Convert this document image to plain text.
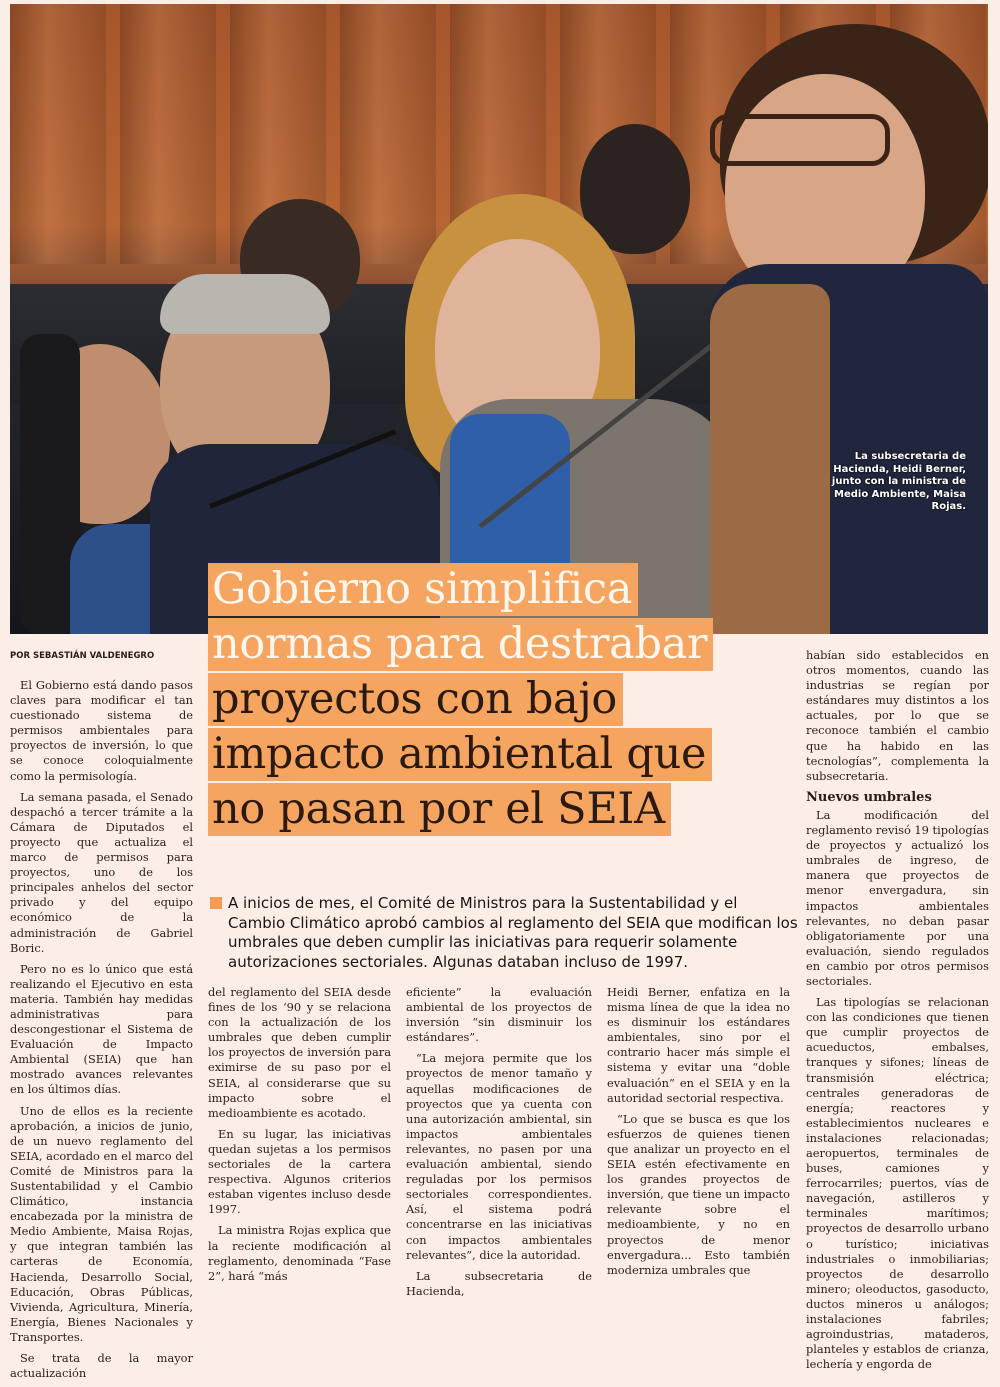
La subsecretaria de Hacienda, Heidi Berner, junto con la ministra de Medio Ambiente, Maisa Rojas.
Gobierno simplifica
normas para destrabar
proyectos con bajo
impacto ambiental que
no pasan por el SEIA
POR SEBASTIÁN VALDENEGRO
A inicios de mes, el Comité de Ministros para la Sustentabilidad y el Cambio Climático aprobó cambios al reglamento del SEIA que modifican los umbrales que deben cumplir las iniciativas para requerir solamente autorizaciones sectoriales. Algunas databan incluso de 1997.

El Gobierno está dando pasos claves para modificar el tan cuestionado sistema de permisos ambientales para proyectos de inversión, lo que se conoce coloquialmente como la permisología.

La semana pasada, el Senado despachó a tercer trámite a la Cámara de Diputados el proyecto que actualiza el marco de permisos para proyectos, uno de los principales anhelos del sector privado y del equipo económico de la administración de Gabriel Boric.

Pero no es lo único que está realizando el Ejecutivo en esta materia. También hay medidas administrativas para descongestionar el Sistema de Evaluación de Impacto Ambiental (SEIA) que han mostrado avances relevantes en los últimos días.

Uno de ellos es la reciente aprobación, a inicios de junio, de un nuevo reglamento del SEIA, acordado en el marco del Comité de Ministros para la Sustentabilidad y el Cambio Climático, instancia encabezada por la ministra de Medio Ambiente, Maisa Rojas, y que integran también las carteras de Economía, Hacienda, Desarrollo Social, Educación, Obras Públicas, Vivienda, Agricultura, Minería, Energía, Bienes Nacionales y Transportes.

Se trata de la mayor actualización

del reglamento del SEIA desde fines de los ‘90 y se relaciona con la actualización de los umbrales que deben cumplir los proyectos de inversión para eximirse de su paso por el SEIA, al considerarse que su impacto sobre el medioambiente es acotado.

En su lugar, las iniciativas quedan sujetas a los permisos sectoriales de la cartera respectiva. Algunos criterios estaban vigentes incluso desde 1997.

La ministra Rojas explica que la reciente modificación al reglamento, denominada “Fase 2”, hará “más

eficiente” la evaluación ambiental de los proyectos de inversión “sin disminuir los estándares”.

“La mejora permite que los proyectos de menor tamaño y aquellas modificaciones de proyectos que ya cuenta con una autorización ambiental, sin impactos ambientales relevantes, no pasen por una evaluación ambiental, siendo reguladas por los permisos sectoriales correspondientes. Así, el sistema podrá concentrarse en las iniciativas con impactos ambientales relevantes”, dice la autoridad.

La subsecretaria de Hacienda,

Heidi Berner, enfatiza en la misma línea de que la idea no es disminuir los estándares ambientales, sino por el contrario hacer más simple el sistema y evitar una “doble evaluación” en el SEIA y en la autoridad sectorial respectiva.

“Lo que se busca es que los esfuerzos de quienes tienen que analizar un proyecto en el SEIA estén efectivamente en los grandes proyectos de inversión, que tiene un impacto relevante sobre el medioambiente, y no en proyectos de menor envergadura... Esto también moderniza umbrales que

habían sido establecidos en otros momentos, cuando las industrias se regían por estándares muy distintos a los actuales, por lo que se reconoce también el cambio que ha habido en las tecnologías”, complementa la subsecretaria.

Nuevos umbrales

La modificación del reglamento revisó 19 tipologías de proyectos y actualizó los umbrales de ingreso, de manera que proyectos de menor envergadura, sin impactos ambientales relevantes, no deban pasar obligatoriamente por una evaluación, siendo regulados en cambio por otros permisos sectoriales.

Las tipologías se relacionan con las condiciones que tienen que cumplir proyectos de acueductos, embalses, tranques y sifones; líneas de transmisión eléctrica; centrales generadoras de energía; reactores y establecimientos nucleares e instalaciones relacionadas; aeropuertos, terminales de buses, camiones y ferrocarriles; puertos, vías de navegación, astilleros y terminales marítimos; proyectos de desarrollo urbano o turístico; iniciativas industriales o inmobiliarias; proyectos de desarrollo minero; oleoductos, gasoducto, ductos mineros u análogos; instalaciones fabriles; agroindustrias, mataderos, planteles y establos de crianza, lechería y engorda de
